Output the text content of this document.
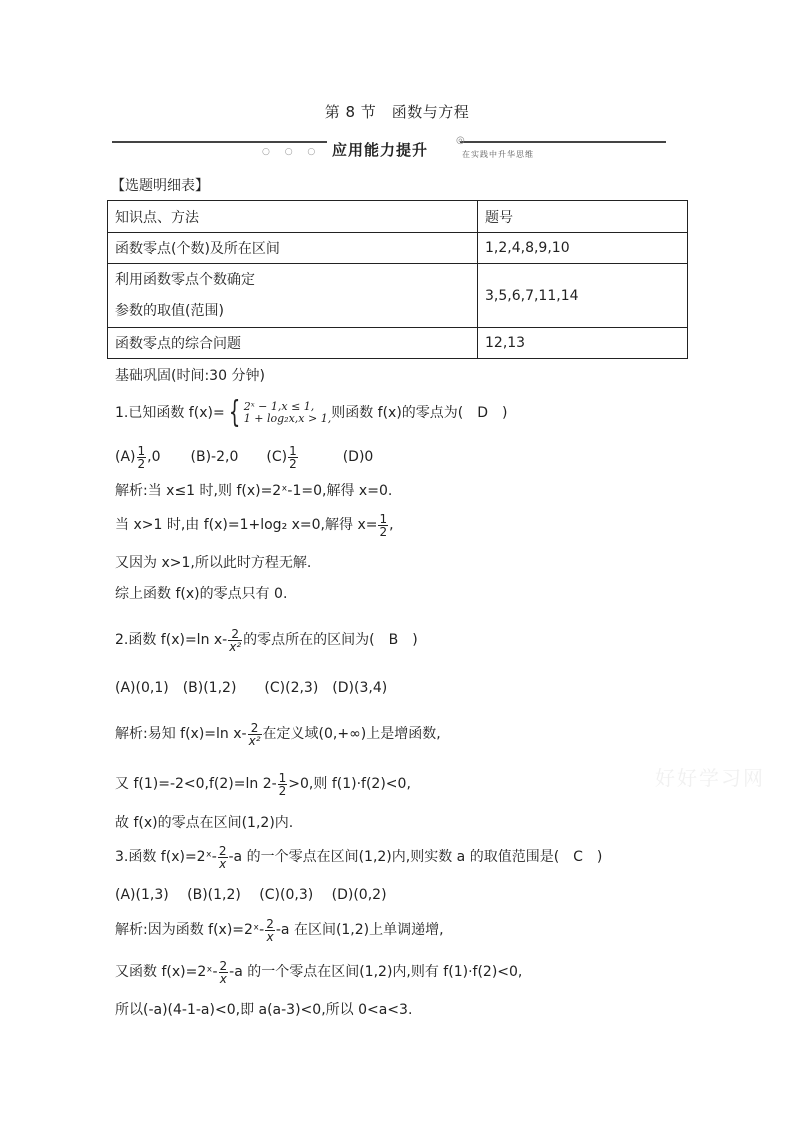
第 8 节　函数与方程
○ ○ ○ 应用能力提升
◎
在实践中升华思维
【选题明细表】
知识点、方法	题号
函数零点(个数)及所在区间	1,2,4,8,9,10

利用函数零点个数确定
参数的取值(范围)	3,5,6,7,11,14
函数零点的综合问题	12,13
基础巩固(时间:30 分钟)
1.已知函数 f(x)= { 2ˣ − 1,x ≤ 1,
1 + log₂x,x > 1, 则函数 f(x)的零点为(　D　)
$(A) \frac{1}{2} ,0$ (B)-2,0 $(C) \frac{1}{2}$	(D)0
解析:当 x≤1 时,则 f(x)=2ˣ-1=0,解得 x=0.
当 x>1 时,由 f(x)=1+log₂ x=0,解得 $x= \frac{1}{2}$ ,
又因为 x>1,所以此时方程无解.
综上函数 f(x)的零点只有 0.
2.函数 f(x)=ln $x- \frac{2}{\text{x²}}$ 的零点所在的区间为(　B　)
(A)(0,1)　(B)(1,2)　　(C)(2,3)　(D)(3,4)
解析:易知 f(x)=ln $x- \frac{2}{\text{x²}}$ 在定义域(0,+∞)上是增函数,
又 f(1)=-2<0,f(2)=ln $2- \frac{1}{2} >0$,则 f(1)·f(2)<0,	好好学习网
故 f(x)的零点在区间(1,2)内.
3.函数 f(x)=2ˣ- $\frac{2}{x} -a$ 的一个零点在区间(1,2)内,则实数 a 的取值范围是(　C　)
(A)(1,3)　 (B)(1,2)　 (C)(0,3)　 (D)(0,2)
解析:因为函数 f(x)=2ˣ- $\frac{2}{x} -a$ 在区间(1,2)上单调递增,
又函数 f(x)=2ˣ- $\frac{2}{x} -a$ 的一个零点在区间(1,2)内,则有 f(1)·f(2)<0,
所以(-a)(4-1-a)<0,即 a(a-3)<0,所以 0<a<3.
